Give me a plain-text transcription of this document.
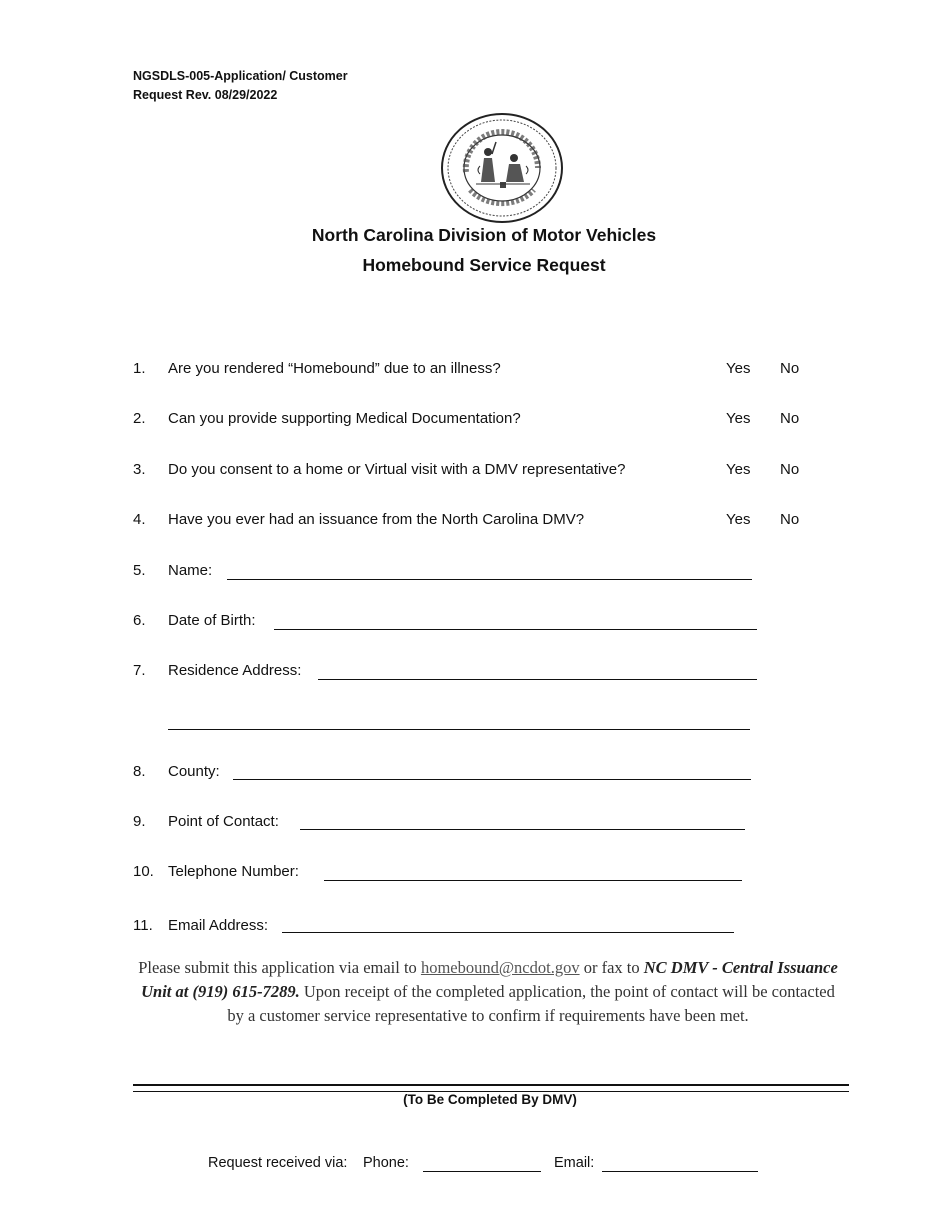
NGSDLS-005-Application/ Customer
Request Rev. 08/29/2022
North Carolina Division of Motor Vehicles
Homebound Service Request
1. Are you rendered “Homebound” due to an illness?	Yes No
2. Can you provide supporting Medical Documentation?	Yes No
3. Do you consent to a home or Virtual visit with a DMV representative?	Yes No
4. Have you ever had an issuance from the North Carolina DMV?	Yes No
5. Name:
6. Date of Birth:
7. Residence Address:
8. County:
9. Point of Contact:
10. Telephone Number:
11. Email Address:
Please submit this application via email to homebound@ncdot.gov or fax to NC DMV - Central Issuance Unit at (919) 615-7289. Upon receipt of the completed application, the point of contact will be contacted by a customer service representative to confirm if requirements have been met.
(To Be Completed By DMV)
Request received via: Phone:	Email:
